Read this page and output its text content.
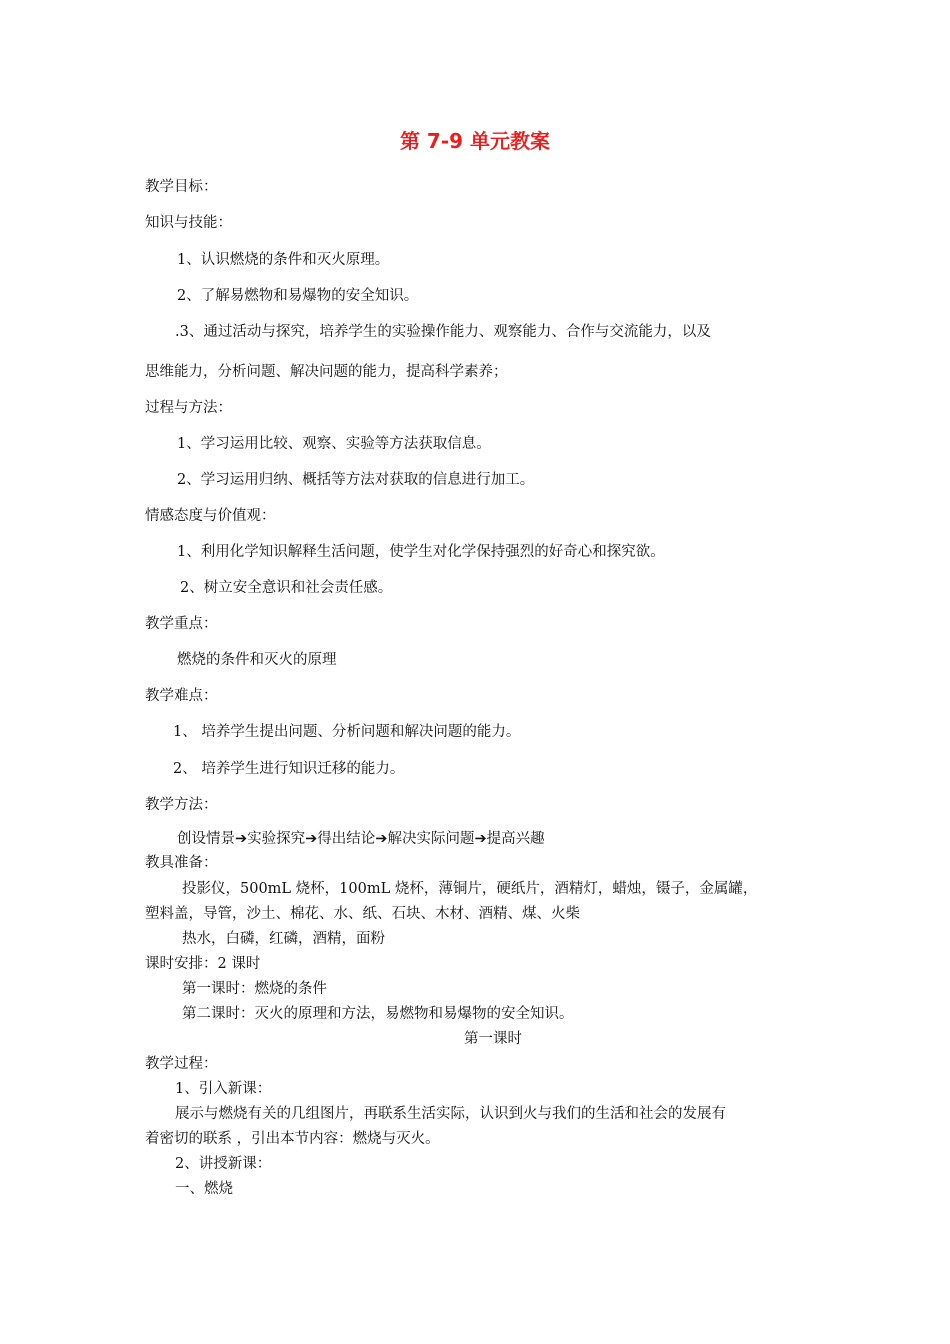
第 7-9 单元教案
教学目标：
知识与技能：
1、认识燃烧的条件和灭火原理。
2、了解易燃物和易爆物的安全知识。
.3、通过活动与探究，培养学生的实验操作能力、观察能力、合作与交流能力，以及
思维能力，分析问题、解决问题的能力，提高科学素养；
过程与方法：
1、学习运用比较、观察、实验等方法获取信息。
2、学习运用归纳、概括等方法对获取的信息进行加工。
情感态度与价值观：
1、利用化学知识解释生活问题，使学生对化学保持强烈的好奇心和探究欲。
2、树立安全意识和社会责任感。
教学重点：
燃烧的条件和灭火的原理
教学难点：
1、 培养学生提出问题、分析问题和解决问题的能力。
2、 培养学生进行知识迁移的能力。
教学方法：
创设情景➔实验探究➔得出结论➔解决实际问题➔提高兴趣
教具准备：
投影仪，500mL 烧杯，100mL 烧杯，薄铜片，硬纸片，酒精灯，蜡烛，镊子，金属罐，
塑料盖，导管，沙土、棉花、水、纸、石块、木材、酒精、煤、火柴
热水，白磷，红磷，酒精，面粉
课时安排：2 课时
第一课时：燃烧的条件
第二课时：灭火的原理和方法，易燃物和易爆物的安全知识。
第一课时
教学过程：
1、引入新课：
展示与燃烧有关的几组图片，再联系生活实际，认识到火与我们的生活和社会的发展有
着密切的联系 ，引出本节内容：燃烧与灭火。
2、讲授新课：
一、燃烧
